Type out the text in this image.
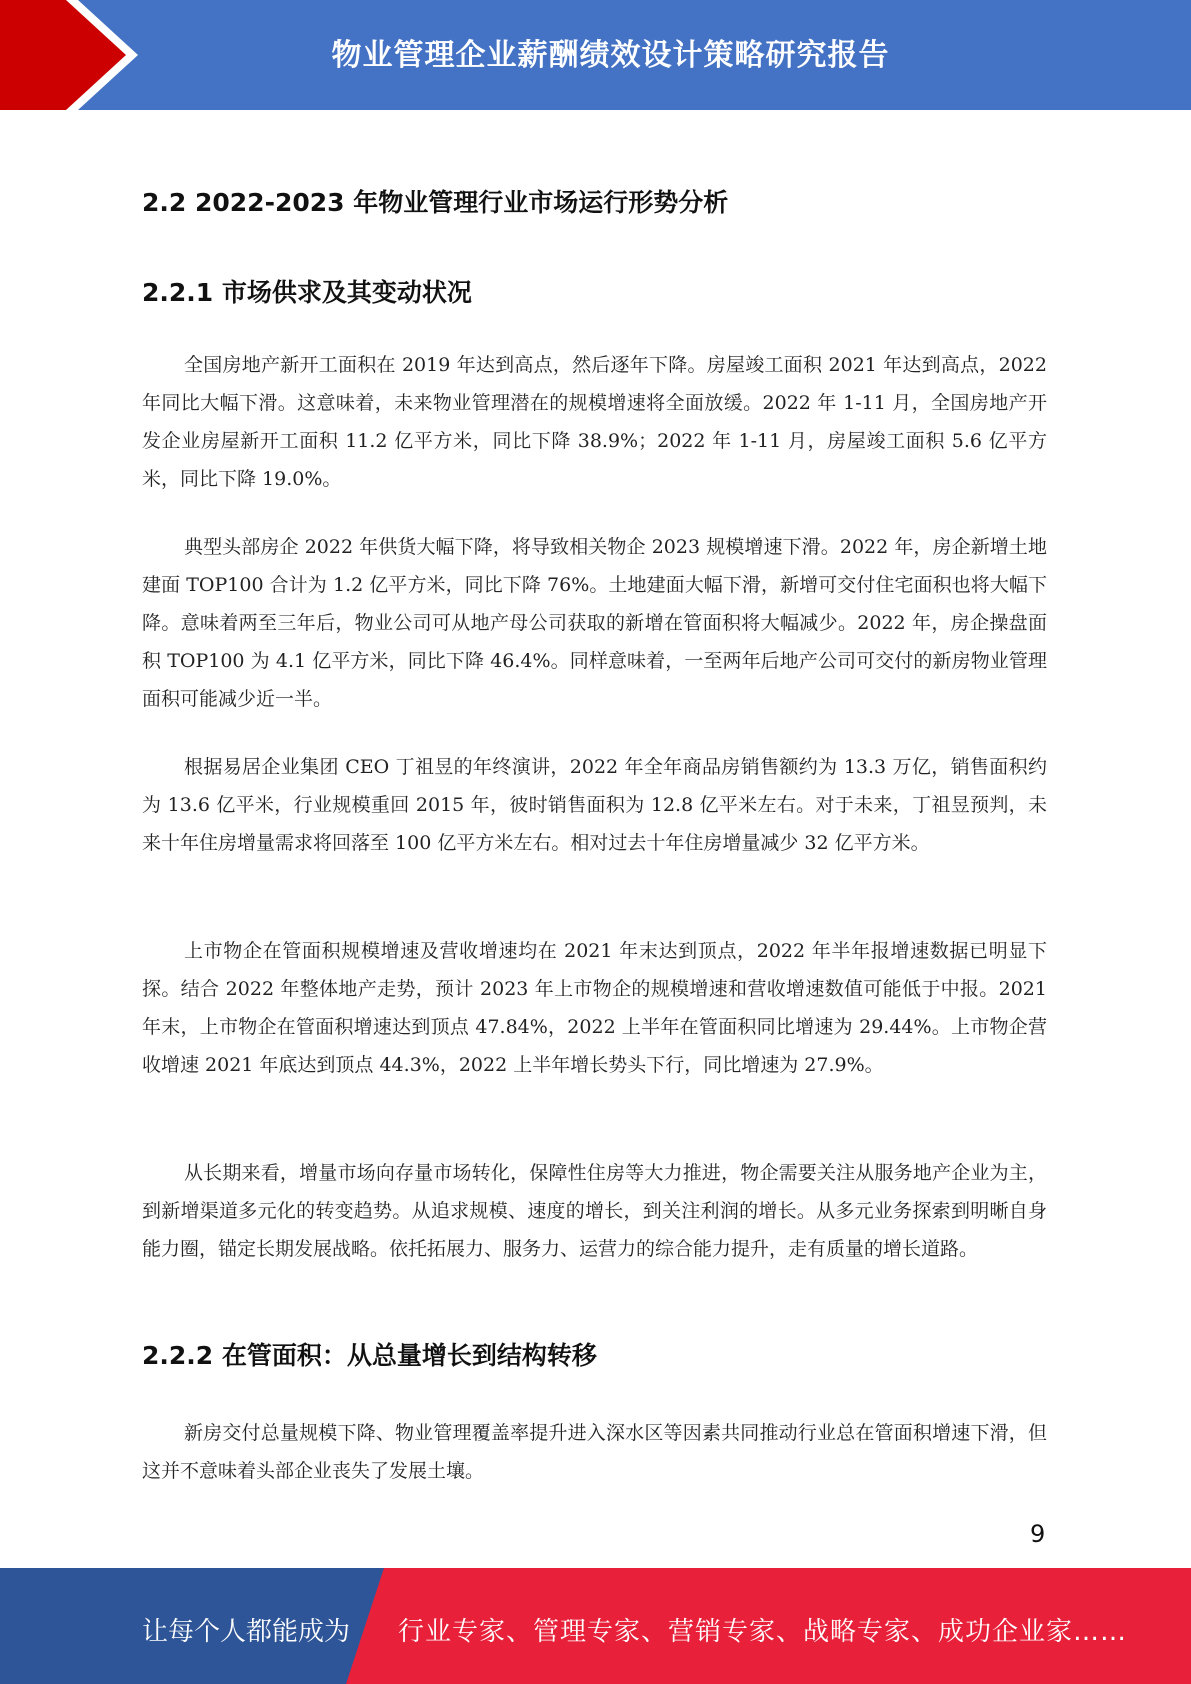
物业管理企业薪酬绩效设计策略研究报告
2.2 2022-2023 年物业管理行业市场运行形势分析
2.2.1 市场供求及其变动状况

全国房地产新开工面积在 2019 年达到高点，然后逐年下降。房屋竣工面积 2021 年达到高点，2022 年同比大幅下滑。这意味着，未来物业管理潜在的规模增速将全面放缓。2022 年 1-11 月，全国房地产开发企业房屋新开工面积 11.2 亿平方米，同比下降 38.9%；2022 年 1-11 月，房屋竣工面积 5.6 亿平方米，同比下降 19.0%。

典型头部房企 2022 年供货大幅下降，将导致相关物企 2023 规模增速下滑。2022 年，房企新增土地建面 TOP100 合计为 1.2 亿平方米，同比下降 76%。土地建面大幅下滑，新增可交付住宅面积也将大幅下降。意味着两至三年后，物业公司可从地产母公司获取的新增在管面积将大幅减少。2022 年，房企操盘面积 TOP100 为 4.1 亿平方米，同比下降 46.4%。同样意味着，一至两年后地产公司可交付的新房物业管理面积可能减少近一半。

根据易居企业集团 CEO 丁祖昱的年终演讲，2022 年全年商品房销售额约为 13.3 万亿，销售面积约为 13.6 亿平米，行业规模重回 2015 年，彼时销售面积为 12.8 亿平米左右。对于未来，丁祖昱预判，未来十年住房增量需求将回落至 100 亿平方米左右。相对过去十年住房增量减少 32 亿平方米。

上市物企在管面积规模增速及营收增速均在 2021 年末达到顶点，2022 年半年报增速数据已明显下探。结合 2022 年整体地产走势，预计 2023 年上市物企的规模增速和营收增速数值可能低于中报。2021 年末，上市物企在管面积增速达到顶点 47.84%，2022 上半年在管面积同比增速为 29.44%。上市物企营收增速 2021 年底达到顶点 44.3%，2022 上半年增长势头下行，同比增速为 27.9%。

从长期来看，增量市场向存量市场转化，保障性住房等大力推进，物企需要关注从服务地产企业为主，到新增渠道多元化的转变趋势。从追求规模、速度的增长，到关注利润的增长。从多元业务探索到明晰自身能力圈，锚定长期发展战略。依托拓展力、服务力、运营力的综合能力提升，走有质量的增长道路。

2.2.2 在管面积：从总量增长到结构转移

新房交付总量规模下降、物业管理覆盖率提升进入深水区等因素共同推动行业总在管面积增速下滑，但这并不意味着头部企业丧失了发展土壤。

9
让每个人都能成为 行业专家、管理专家、营销专家、战略专家、成功企业家……
